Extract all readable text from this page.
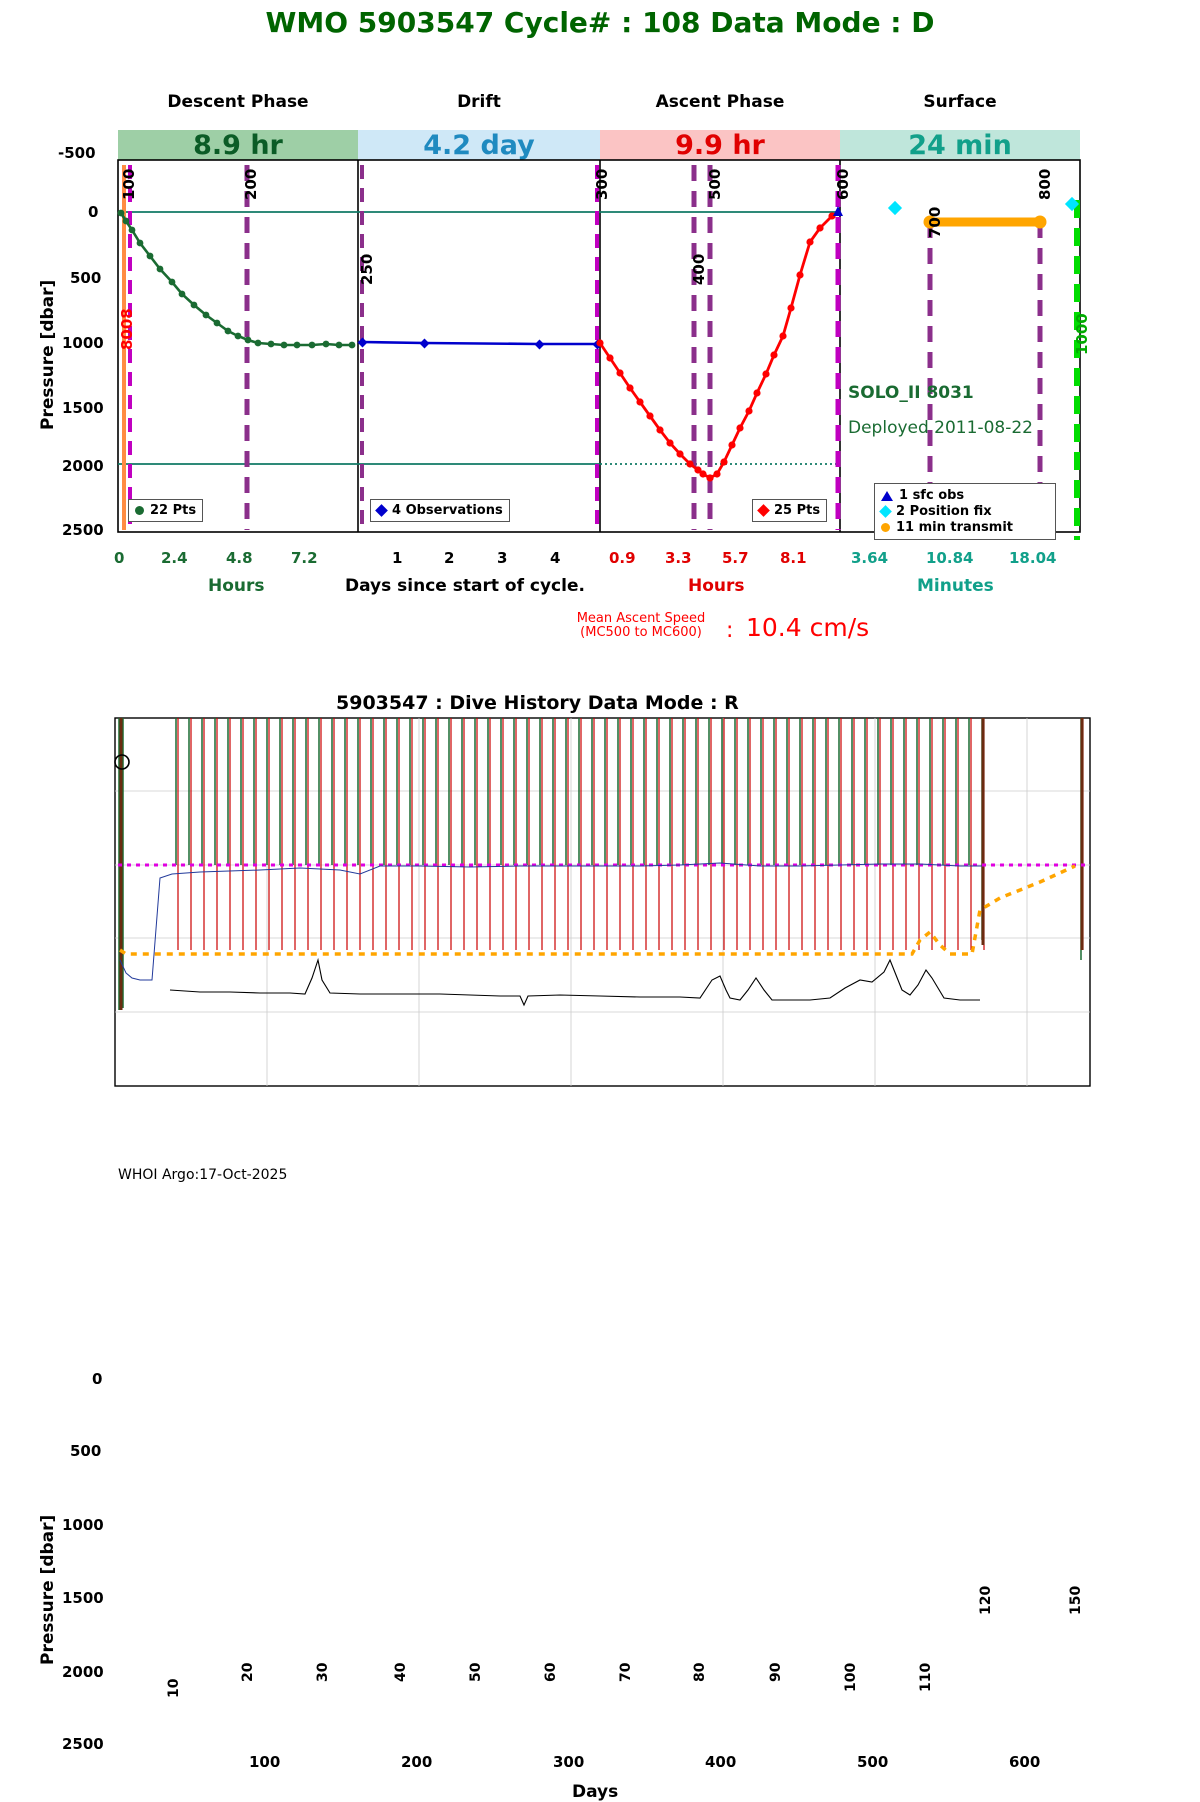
WMO 5903547 Cycle# : 108 Data Mode : D
Pressure [dbar]
Descent Phase	Drift	Ascent Phase	Surface
8.9 hr	4.2 day	9.9 hr	24 min
-500
0
500
1000
1500
2000
2500
100	200
250
300
400
500	600
700
800
8008	1000
SOLO_II 8031
Deployed 2011-08-22
22 Pts	4 Observations	25 Pts
1 sfc obs
2 Position fix
11 min transmit
0 2.4	4.8	7.2	1	2	3	4	0.9 3.3 5.7 8.1	3.64	10.84 18.04
Hours	Days since start of cycle.	Hours	Minutes
Mean Ascent Speed
(MC500 to MC600)	: 10.4 cm/s
5903547 : Dive History Data Mode : R
Pressure [dbar]
0
500
1000
1500
2000
2500
10
20	30	40	50	60	70	80	90	100	110
120	150
100	200	300	400	500	600
Days
WHOI Argo:17-Oct-2025
